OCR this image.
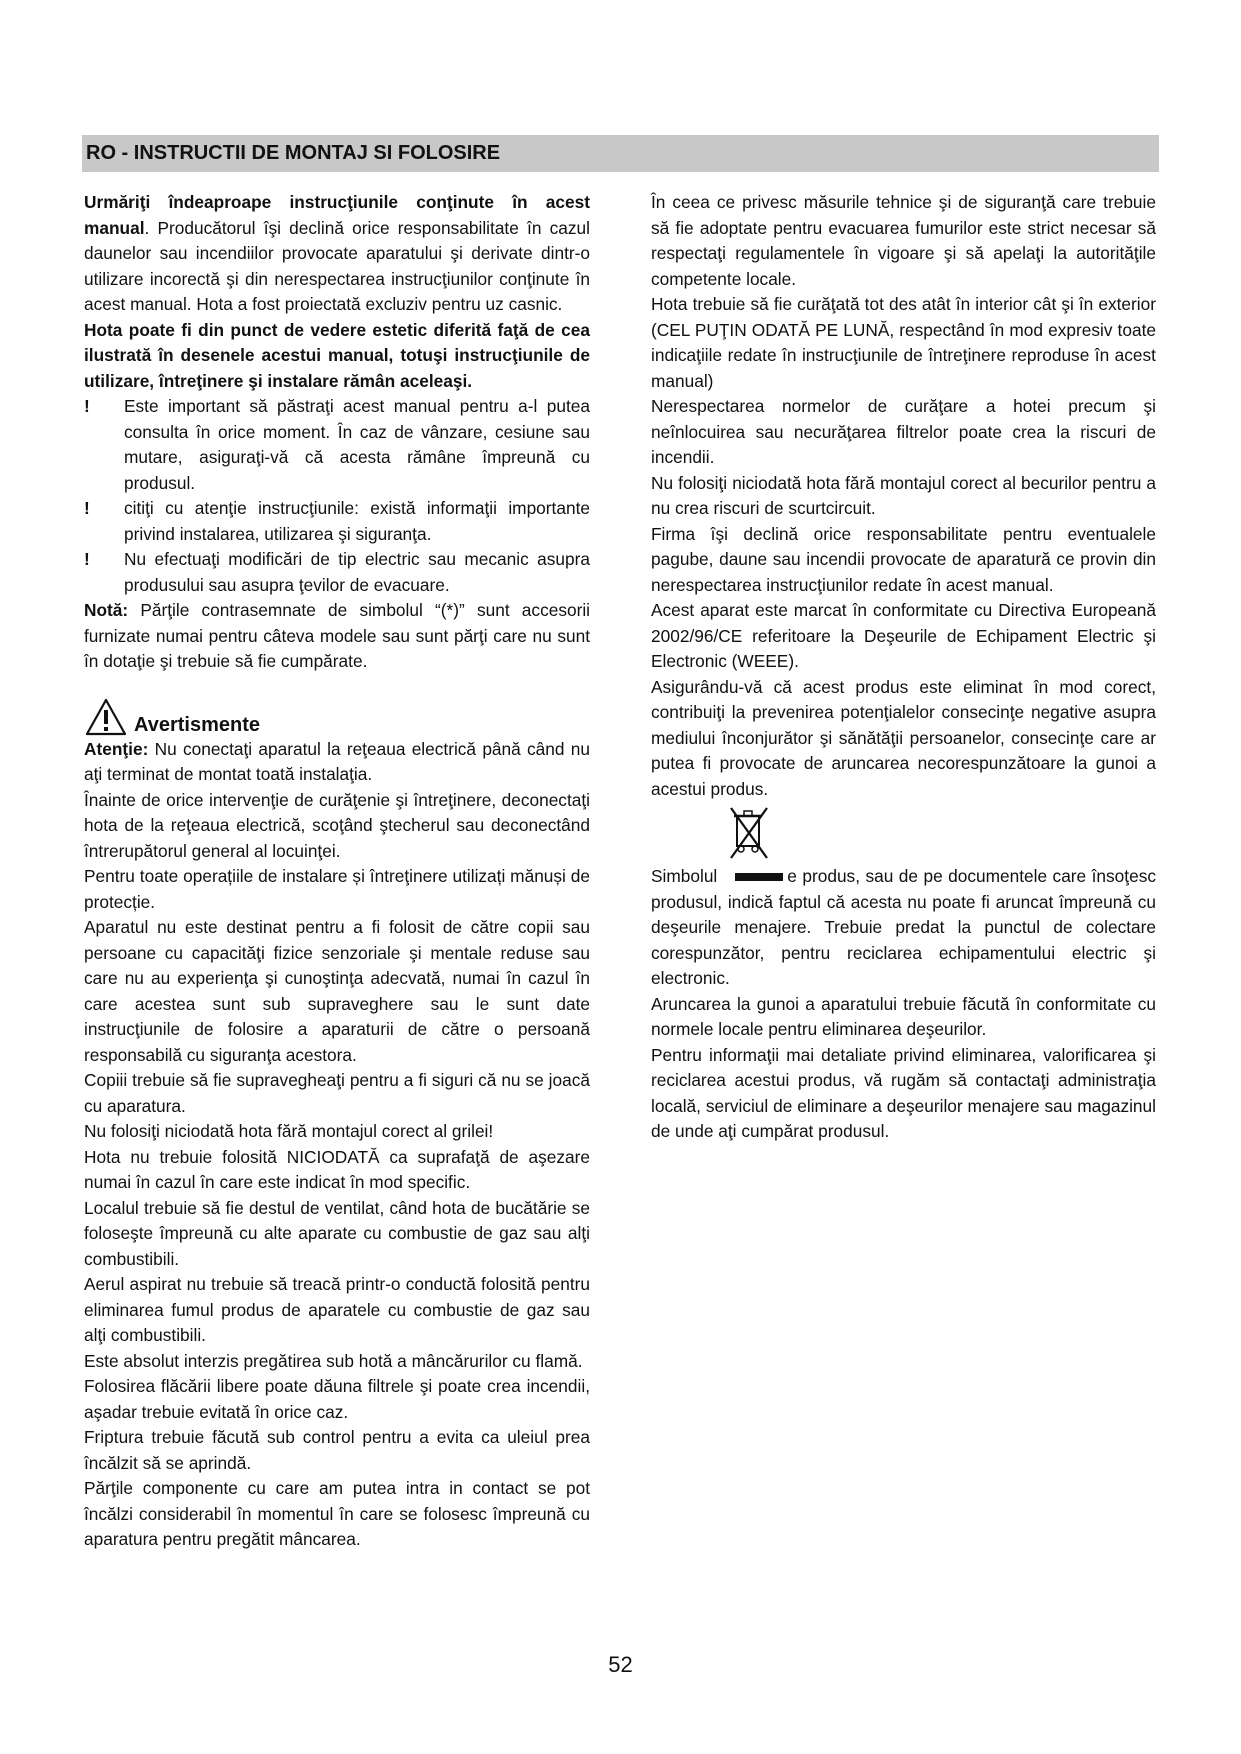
RO - INSTRUCTII DE MONTAJ SI FOLOSIRE

Urmăriţi îndeaproape instrucţiunile conţinute în acest manual. Producătorul îşi declină orice responsabilitate în cazul daunelor sau incendiilor provocate aparatului şi derivate dintr-o utilizare incorectă şi din nerespectarea instrucţiunilor conţinute în acest manual. Hota a fost proiectată excluziv pentru uz casnic.

Hota poate fi din punct de vedere estetic diferită faţă de cea ilustrată în desenele acestui manual, totuşi instrucţiunile de utilizare, întreţinere şi instalare rămân aceleaşi.

! Este important să păstraţi acest manual pentru a-l putea consulta în orice moment. În caz de vânzare, cesiune sau mutare, asiguraţi-vă că acesta rămâne împreună cu produsul.
! citiţi cu atenţie instrucţiunile: există informaţii importante privind instalarea, utilizarea şi siguranţa.
! Nu efectuaţi modificări de tip electric sau mecanic asupra produsului sau asupra ţevilor de evacuare.

Notă: Părţile contrasemnate de simbolul “(*)” sunt accesorii furnizate numai pentru câteva modele sau sunt părţi care nu sunt în dotaţie şi trebuie să fie cumpărate.

Avertismente

Atenţie: Nu conectaţi aparatul la reţeaua electrică până când nu aţi terminat de montat toată instalaţia.

Înainte de orice intervenţie de curăţenie şi întreţinere, deconectaţi hota de la reţeaua electrică, scoţând ştecherul sau deconectând întrerupătorul general al locuinţei.

Pentru toate operațiile de instalare și întreţinere utilizați mănuși de protecție.

Aparatul nu este destinat pentru a fi folosit de către copii sau persoane cu capacităţi fizice senzoriale şi mentale reduse sau care nu au experienţa şi cunoştinţa adecvată, numai în cazul în care acestea sunt sub supraveghere sau le sunt date instrucţiunile de folosire a aparaturii de către o persoană responsabilă cu siguranţa acestora.

Copiii trebuie să fie supravegheaţi pentru a fi siguri că nu se joacă cu aparatura.

Nu folosiţi niciodată hota fără montajul corect al grilei!

Hota nu trebuie folosită NICIODATĂ ca suprafaţă de aşezare numai în cazul în care este indicat în mod specific.

Localul trebuie să fie destul de ventilat, când hota de bucătărie se foloseşte împreună cu alte aparate cu combustie de gaz sau alţi combustibili.

Aerul aspirat nu trebuie să treacă printr-o conductă folosită pentru eliminarea fumul produs de aparatele cu combustie de gaz sau alţi combustibili.

Este absolut interzis pregătirea sub hotă a mâncărurilor cu flamă.

Folosirea flăcării libere poate dăuna filtrele şi poate crea incendii, aşadar trebuie evitată în orice caz.

Friptura trebuie făcută sub control pentru a evita ca uleiul prea încălzit să se aprindă.

Părţile componente cu care am putea intra in contact se pot încălzi considerabil în momentul în care se folosesc împreună cu aparatura pentru pregătit mâncarea.

În ceea ce privesc măsurile tehnice şi de siguranţă care trebuie să fie adoptate pentru evacuarea fumurilor este strict necesar să respectaţi regulamentele în vigoare şi să apelaţi la autorităţile competente locale.

Hota trebuie să fie curăţată tot des atât în interior cât şi în exterior (CEL PUŢIN ODATĂ PE LUNĂ, respectând în mod expresiv toate indicaţiile redate în instrucţiunile de întreţinere reproduse în acest manual)

Nerespectarea normelor de curăţare a hotei precum şi neînlocuirea sau necurăţarea filtrelor poate crea la riscuri de incendii.

Nu folosiţi niciodată hota fără montajul corect al becurilor pentru a nu crea riscuri de scurtcircuit.

Firma îşi declină orice responsabilitate pentru eventualele pagube, daune sau incendii provocate de aparatură ce provin din nerespectarea instrucţiunilor redate în acest manual.

Acest aparat este marcat în conformitate cu Directiva Europeană 2002/96/CE referitoare la Deşeurile de Echipament Electric şi Electronic (WEEE).

Asigurându-vă că acest produs este eliminat în mod corect, contribuiţi la prevenirea potenţialelor consecinţe negative asupra mediului înconjurător şi sănătăţii persoanelor, consecinţe care ar putea fi provocate de aruncarea necorespunzătoare la gunoi a acestui produs.

Simbolul	e produs, sau de pe documentele care însoţesc produsul, indică faptul că acesta nu poate fi aruncat împreună cu deşeurile menajere. Trebuie predat la punctul de colectare corespunzător, pentru reciclarea echipamentului electric şi electronic.

Aruncarea la gunoi a aparatului trebuie făcută în conformitate cu normele locale pentru eliminarea deşeurilor.

Pentru informaţii mai detaliate privind eliminarea, valorificarea şi reciclarea acestui produs, vă rugăm să contactaţi administraţia locală, serviciul de eliminare a deşeurilor menajere sau magazinul de unde aţi cumpărat produsul.

52
